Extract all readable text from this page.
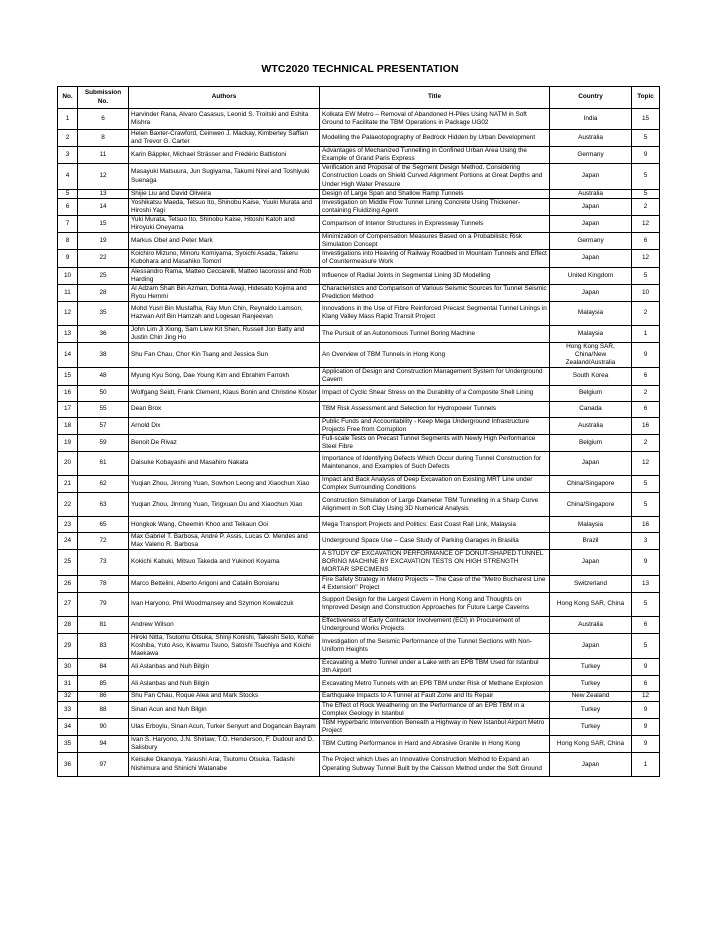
WTC2020 TECHNICAL PRESENTATION
No.	Submission No.	Authors	Title	Country	Topic
1	6	Harvinder Rana, Alvaro Casasus, Leonid S. Troitski and Eshita Mishra	Kolkata EW Metro – Removal of Abandoned H-Piles Using NATM in Soft Ground to Facilitate the TBM Operations in Package UG02	India	15
2	8	Helen Baxter-Crawford, Ceinwen J. Mackay, Kimberley Saffian and Trevor G. Carter	Modelling the Palaeotopography of Bedrock Hidden by Urban Development	Australia	5
3	11	Karin Bäppler, Michael Strässer and Frédéric Battistoni	Advantages of Mechanized Tunnelling in Confined Urban Area Using the Example of Grand Paris Express	Germany	9
4	12	Masayuki Matsuura, Jun Sugiyama, Takumi Nirei and Toshiyuki Suenaga	Verification and Proposal of the Segment Design Method, Considering Construction Loads on Shield Curved Alignment Portions at Great Depths and Under High Water Pressure	Japan	5
5	13	Shijie Liu and David Oliveira	Design of Large Span and Shallow Ramp Tunnels	Australia	5
6	14	Yoshikatsu Maeda, Tetsuo Ito, Shinobu Kaise, Yuuki Murata and Hiroshi Yagi	Investigation on Middle Flow Tunnel Lining Concrete Using Thickener-containing Fluidizing Agent	Japan	2
7	15	Yuki Murata, Tetsuo Ito, Shinobu Kaise, Hitoshi Katoh and Hiroyuki Oneyama	Comparison of Interior Structures in Expressway Tunnels	Japan	12
8	19	Markus Obel and Peter Mark	Minimization of Compensation Measures Based on a Probabilistic Risk Simulation Concept	Germany	6
9	22	Koichiro Mizuno, Minoru Komiyama, Syoichi Asada, Takeru Kubohara and Masahiko Tomori	Investigations into Heaving of Railway Roadbed in Mountain Tunnels and Effect of Countermeasure Work	Japan	12
10	25	Alessandro Rama, Matteo Ceccarelli, Matteo Iacorossi and Rob Harding	Influence of Radial Joints in Segmental Lining 3D Modelling	United Kingdom	5
11	28	Al Adzam Shah Bin Azman, Dohta Awaji, Hidesato Kojima and Ryou Hemmi	Characteristics and Comparison of Various Seismic Sources for Tunnel Seismic Prediction Method	Japan	10
12	35	Mohd Yusri Bin Mustafha, Ray Mun Chin, Reynaldo Lamson, Hazwan Arif Bin Hamzah and Logesan Ranjeevan	Innovations in the Use of Fibre Reinforced Precast Segmental Tunnel Linings in Klang Valley Mass Rapid Transit Project	Malaysia	2
13	36	John Lim Ji Xiong, Sam Liew Kit Shen, Russell Jon Batty and Justin Chin Jing Ho	The Pursuit of an Autonomous Tunnel Boring Machine	Malaysia	1
14	38	Shu Fan Chau, Chor Kin Tsang and Jessica Sun	An Overview of TBM Tunnels in Hong Kong	Hong Kong SAR, China/New Zealand/Australia	9
15	48	Myung Kyu Song, Dae Young Kim and Ebrahim Farrokh	Application of Design and Construction Management System for Underground Cavern	South Korea	6
16	50	Wolfgang Seidl, Frank Clement, Klaus Bonin and Christine Köster	Impact of Cyclic Shear Stress on the Durability of a Composite Shell Lining	Belgium	2
17	55	Dean Brox	TBM Risk Assessment and Selection for Hydropower Tunnels	Canada	6
18	57	Arnold Dix	Public Funds and Accountability - Keep Mega Underground Infrastructure Projects Free from Corruption	Australia	16
19	59	Benoit De Rivaz	Full-scale Tests on Precast Tunnel Segments with Newly High Performance Steel Fibre	Belgium	2
20	61	Daisuke Kobayashi and Masahiro Nakata	Importance of Identifying Defects Which Occur during Tunnel Construction for Maintenance, and Examples of Such Defects	Japan	12
21	62	Yuqian Zhou, Jinrong Yuan, Sowhon Leong and Xiaochun Xiao	Impact and Back Analysis of Deep Excavation on Existing MRT Line under Complex Surrounding Conditions	China/Singapore	5
22	63	Yuqian Zhou, Jinrong Yuan, Tingxuan Du and Xiaochun Xiao	Construction Simulation of Large Diameter TBM Tunnelling in a Sharp Curve Alignment in Soft Clay Using 3D Numerical Analysis	China/Singapore	5
23	65	Hongkok Wang, Cheemin Khoo and Teikaun Ooi	Mega Transport Projects and Politics: East Coast Rail Link, Malaysia	Malaysia	16
24	72	Max Gabriel T. Barbosa, André P. Assis, Lucas O. Mendes and Max Valerio R. Barbosa	Underground Space Use – Case Study of Parking Garages in Brasilia	Brazil	3
25	73	Kokichi Kabuki, Mitsuo Takeda and Yukinori Koyama	A STUDY OF EXCAVATION PERFORMANCE OF DONUT-SHAPED TUNNEL BORING MACHINE BY EXCAVATION TESTS ON HIGH STRENGTH MORTAR SPECIMENS	Japan	9
26	78	Marco Bettelini, Alberto Arigoni and Catalin Boroianu	Fire Safety Strategy in Metro Projects – The Case of the "Metro Bucharest Line 4 Extension" Project	Switzerland	13
27	79	Ivan Haryono, Phil Woodmansey and Szymon Kowalczuk	Support Design for the Largest Cavern in Hong Kong and Thoughts on Improved Design and Construction Approaches for Future Large Caverns	Hong Kong SAR, China	5
28	81	Andrew Wilson	Effectiveness of Early Contractor Involvement (ECI) in Procurement of Underground Works Projects	Australia	6
29	83	Hiroki Nitta, Tsutomu Otsuka, Shinji Konishi, Takeshi Seto, Kohei Koshiba, Yuto Aso, Kiwamu Tsuno, Satoshi Tsuchiya and Koichi Maekawa	Investigation of the Seismic Performance of the Tunnel Sections with Non-Uniform Heights	Japan	5
30	84	Ali Aslanbas and Nuh Bilgin	Excavating a Metro Tunnel under a Lake with an EPB TBM Used for Istanbul 3th Airport	Turkey	9
31	85	Ali Aslanbas and Nuh Bilgin	Excavating Metro Tunnels with an EPB TBM under Risk of Methane Explosion	Turkey	6
32	86	Shu Fan Chau, Roque Alea and Mark Stocks	Earthquake Impacts to A Tunnel at Fault Zone and Its Repair	New Zealand	12
33	88	Sinan Acun and Nuh Bilgin	The Effect of Rock Weathering on the Performance of an EPB TBM in a Complex Geology in Istanbul	Turkey	9
34	90	Ulas Erboylu, Sinan Acun, Turker Senyurt and Dogancan Bayram	TBM Hyperbaric Intervention Beneath a Highway in New İstanbul Airport Metro Project	Turkey	9
35	94	Ivan S. Haryono, J.N. Shirlaw, T.O. Henderson, F. Dudout and D. Salisbury	TBM Cutting Performance in Hard and Abrasive Granite in Hong Kong	Hong Kong SAR, China	9
36	97	Keisuke Okanoya, Yasushi Arai, Tsutomu Otsuka, Tadashi Nishimura and Shinichi Watanabe	The Project which Uses an Innovative Construction Method to Expand an Operating Subway Tunnel Built by the Caisson Method under the Soft Ground	Japan	1
